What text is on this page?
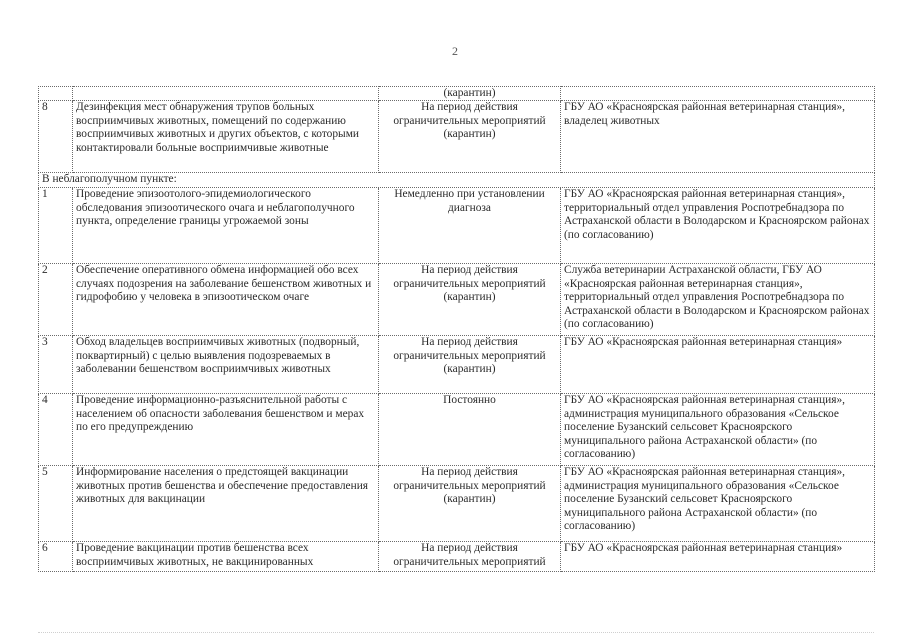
2
		(карантин)	
8	Дезинфекция мест обнаружения трупов больных восприимчивых животных, помещений по содержанию восприимчивых животных и других объектов, с которыми контактировали больные восприимчивые животные	На период действия ограничительных мероприятий (карантин)	ГБУ АО «Красноярская районная ветеринарная станция», владелец животных
В неблагополучном пункте:			
1	Проведение эпизоотолого-эпидемиологического обследования эпизоотического очага и неблагополучного пункта, определение границы угрожаемой зоны	Немедленно при установлении диагноза	ГБУ АО «Красноярская районная ветеринарная станция», территориальный отдел управления Роспотребнадзора по Астраханской области в Володарском и Красноярском районах (по согласованию)
2	Обеспечение оперативного обмена информацией обо всех случаях подозрения на заболевание бешенством животных и гидрофобию у человека в эпизоотическом очаге	На период действия ограничительных мероприятий (карантин)	Служба ветеринарии Астраханской области, ГБУ АО «Красноярская районная ветеринарная станция», территориальный отдел управления Роспотребнадзора по Астраханской области в Володарском и Красноярском районах (по согласованию)
3	Обход владельцев восприимчивых животных (подворный, поквартирный) с целью выявления подозреваемых в заболевании бешенством восприимчивых животных	На период действия ограничительных мероприятий (карантин)	ГБУ АО «Красноярская районная ветеринарная станция»
4	Проведение информационно-разъяснительной работы с населением об опасности заболевания бешенством и мерах по его предупреждению	Постоянно	ГБУ АО «Красноярская районная ветеринарная станция», администрация муниципального образования «Сельское поселение Бузанский сельсовет Красноярского муниципального района Астраханской области» (по согласованию)
5	Информирование населения о предстоящей вакцинации животных против бешенства и обеспечение предоставления животных для вакцинации	На период действия ограничительных мероприятий (карантин)	ГБУ АО «Красноярская районная ветеринарная станция», администрация муниципального образования «Сельское поселение Бузанский сельсовет Красноярского муниципального района Астраханской области» (по согласованию)
6	Проведение вакцинации против бешенства всех восприимчивых животных, не вакцинированных	На период действия ограничительных мероприятий	ГБУ АО «Красноярская районная ветеринарная станция»
